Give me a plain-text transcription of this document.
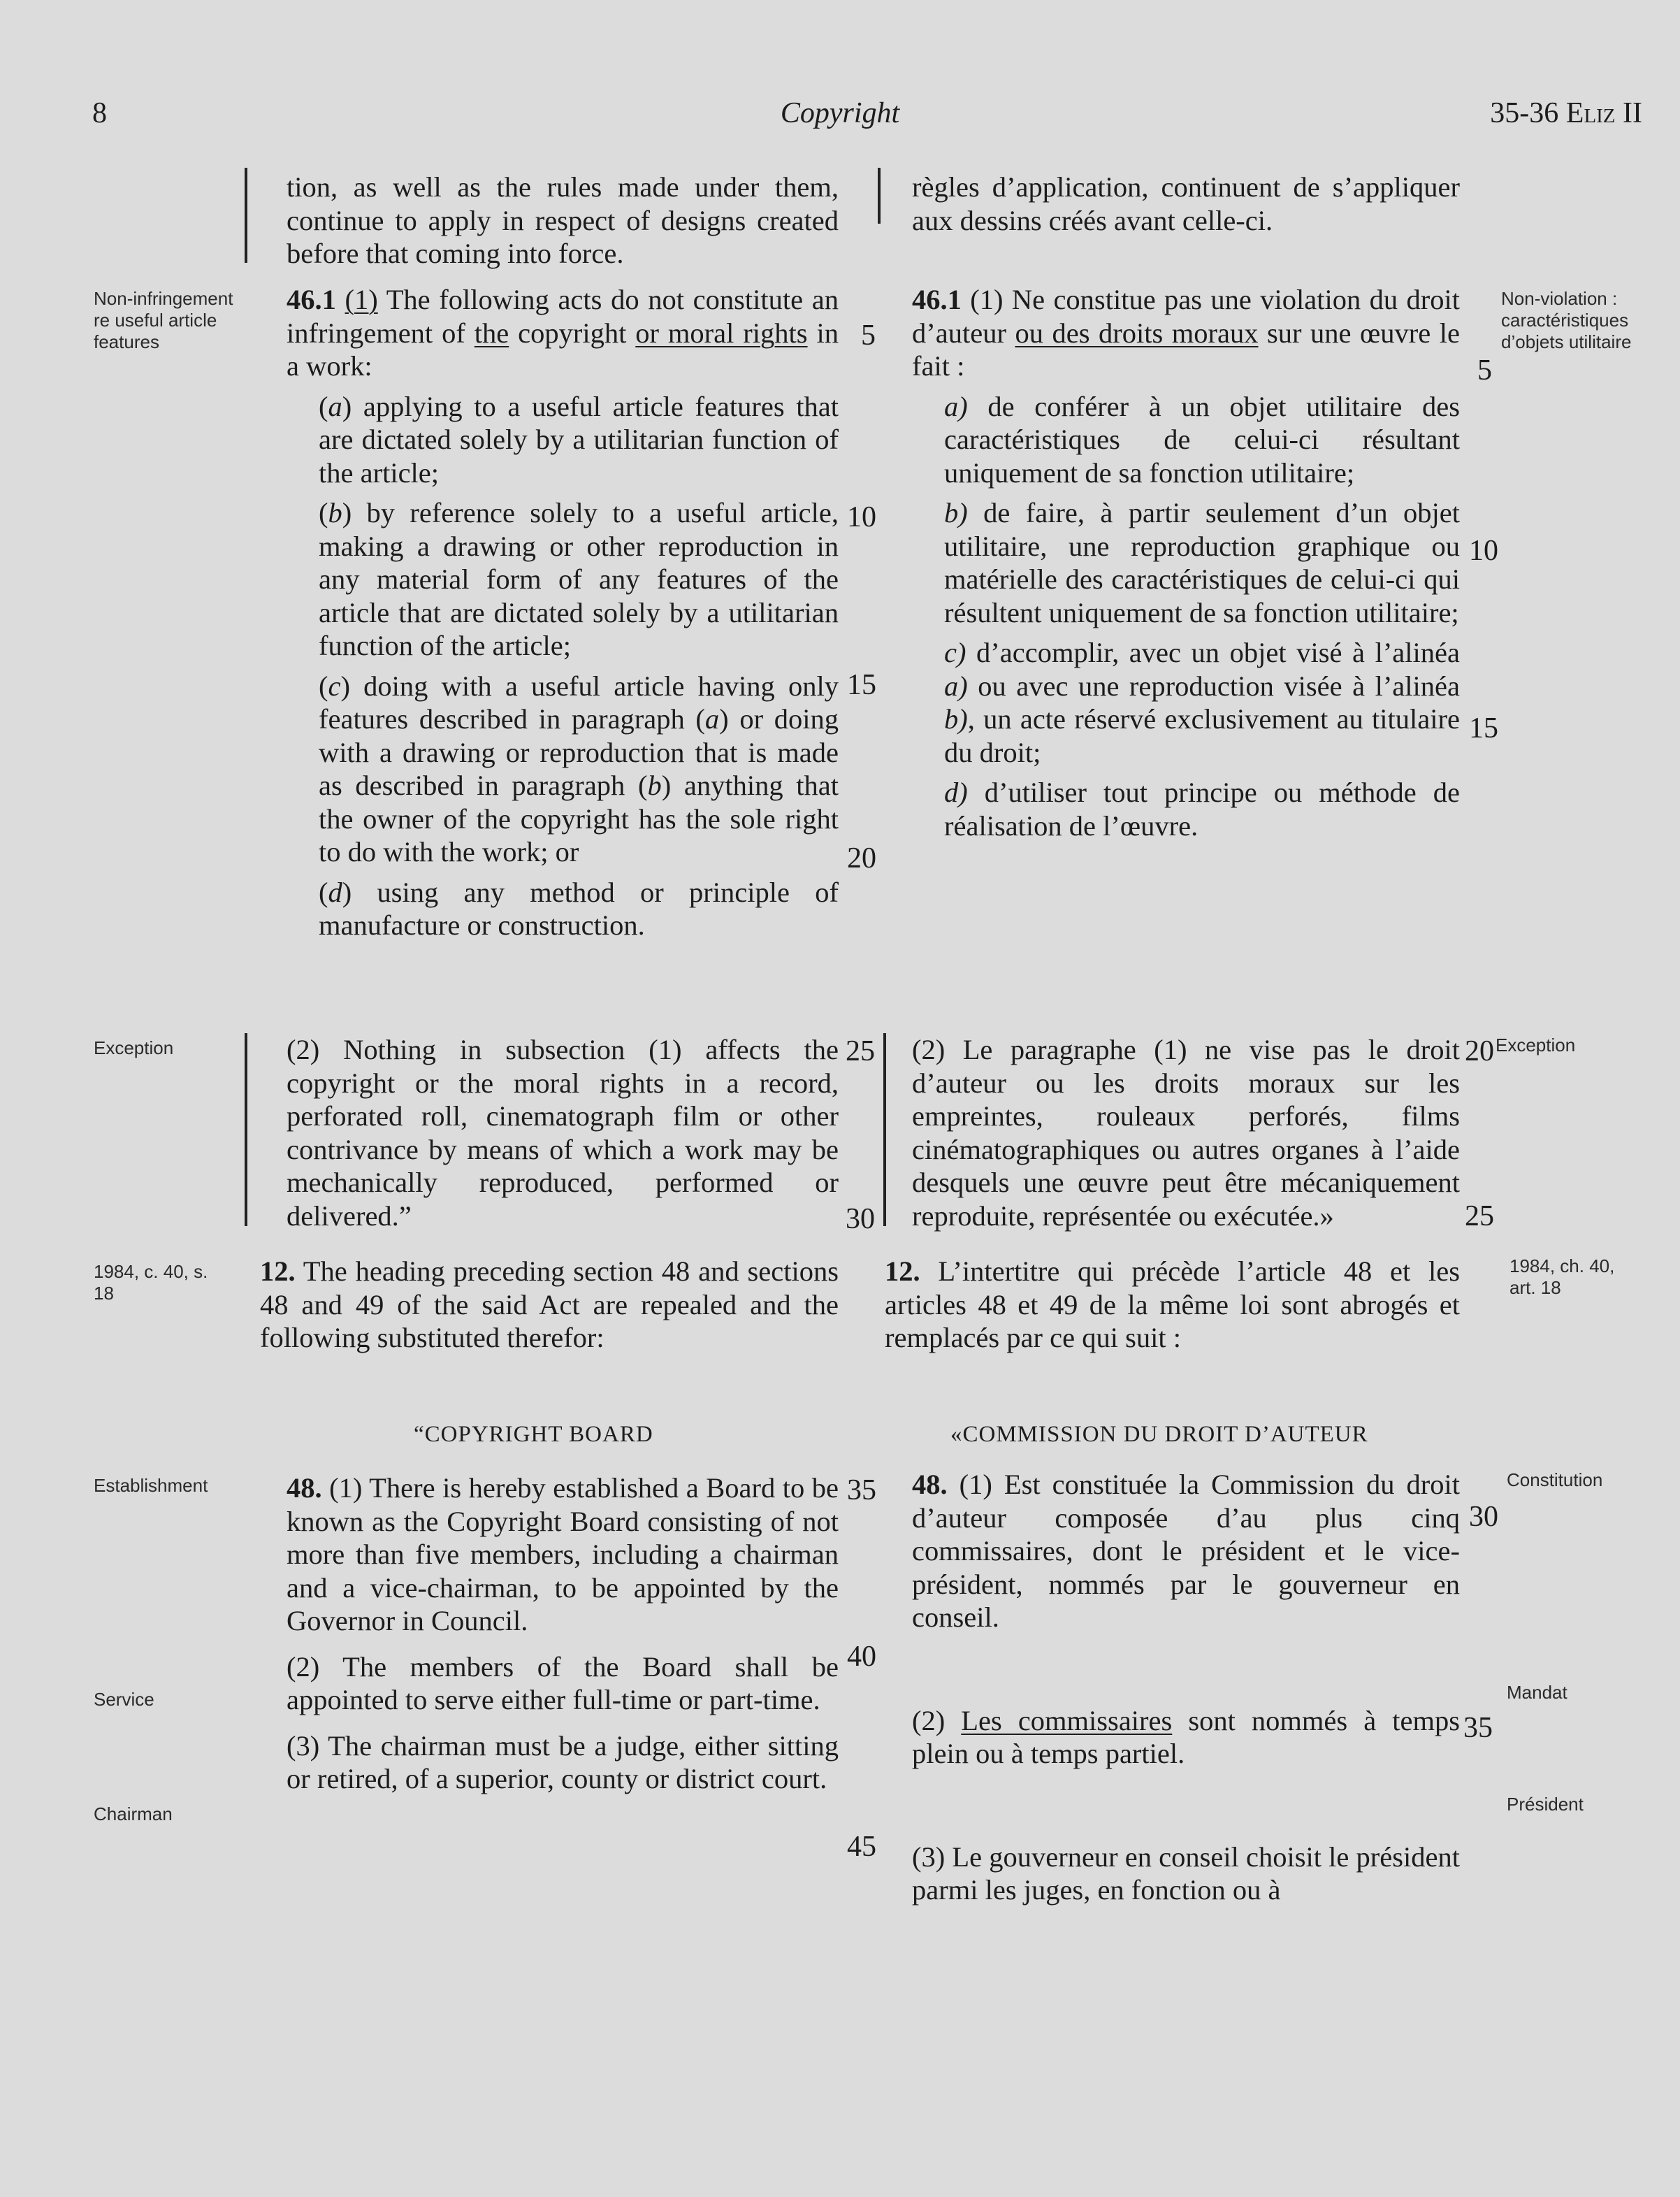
8	Copyright	35-36 Eliz II

tion, as well as the rules made under them, continue to apply in respect of designs created before that coming into force.

46.1 (1) The following acts do not constitute an infringement of the copyright or moral rights in a work:

(a) applying to a useful article features that are dictated solely by a utilitarian function of the article;

(b) by reference solely to a useful article, making a drawing or other reproduction in any material form of any features of the article that are dictated solely by a utilitarian function of the article;

(c) doing with a useful article having only features described in paragraph (a) or doing with a drawing or reproduction that is made as described in paragraph (b) anything that the owner of the copyright has the sole right to do with the work; or

(d) using any method or principle of manufacture or construction.

(2) Nothing in subsection (1) affects the copyright or the moral rights in a record, perforated roll, cinematograph film or other contrivance by means of which a work may be mechanically reproduced, performed or delivered.”

12. The heading preceding section 48 and sections 48 and 49 of the said Act are repealed and the following substituted therefor:

“COPYRIGHT BOARD

48. (1) There is hereby established a Board to be known as the Copyright Board consisting of not more than five members, including a chairman and a vice-chairman, to be appointed by the Governor in Council.

(2) The members of the Board shall be appointed to serve either full-time or part-time.

(3) The chairman must be a judge, either sitting or retired, of a superior, county or district court.

règles d’application, continuent de s’appliquer aux dessins créés avant celle-ci.

46.1 (1) Ne constitue pas une violation du droit d’auteur ou des droits moraux sur une œuvre le fait :

a) de conférer à un objet utilitaire des caractéristiques de celui-ci résultant uniquement de sa fonction utilitaire;

b) de faire, à partir seulement d’un objet utilitaire, une reproduction graphique ou matérielle des caractéristiques de celui-ci qui résultent uniquement de sa fonction utilitaire;

c) d’accomplir, avec un objet visé à l’alinéa a) ou avec une reproduction visée à l’alinéa b), un acte réservé exclusivement au titulaire du droit;

d) d’utiliser tout principe ou méthode de réalisation de l’œuvre.

(2) Le paragraphe (1) ne vise pas le droit d’auteur ou les droits moraux sur les empreintes, rouleaux perforés, films cinématographiques ou autres organes à l’aide desquels une œuvre peut être mécaniquement reproduite, représentée ou exécutée.»

12. L’intertitre qui précède l’article 48 et les articles 48 et 49 de la même loi sont abrogés et remplacés par ce qui suit :

«COMMISSION DU DROIT D’AUTEUR

48. (1) Est constituée la Commission du droit d’auteur composée d’au plus cinq commissaires, dont le président et le vice-président, nommés par le gouverneur en conseil.

(2) Les commissaires sont nommés à temps plein ou à temps partiel.

(3) Le gouverneur en conseil choisit le président parmi les juges, en fonction ou à

5
10
15
20
25
30
35
40
45
5
10
15
20
25
30
35
Non-infringement re useful article features
Exception
1984, c. 40, s. 18
Establishment
Service
Chairman
Non-violation : caractéristiques d’objets utilitaire
Exception
1984, ch. 40, art. 18
Constitution
Mandat
Président
